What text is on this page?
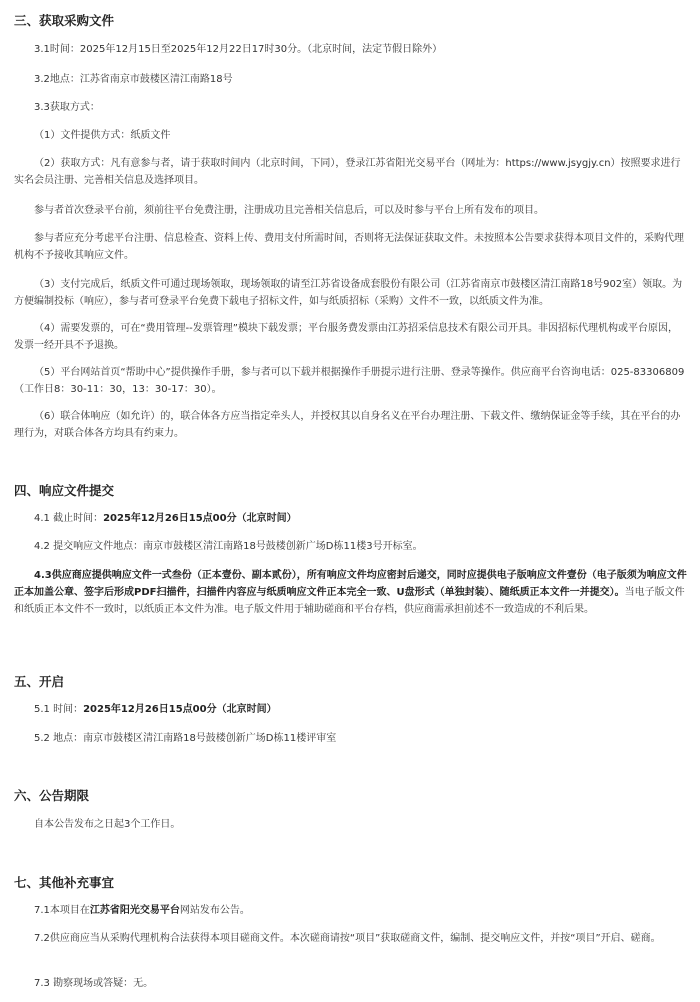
三、获取采购文件
3.1时间：2025年12月15日至2025年12月22日17时30分。（北京时间，法定节假日除外）
3.2地点：江苏省南京市鼓楼区清江南路18号
3.3获取方式：
（1）文件提供方式：纸质文件
（2）获取方式：凡有意参与者，请于获取时间内（北京时间，下同），登录江苏省阳光交易平台（网址为：https://www.jsygjy.cn）按照要求进行实名会员注册、完善相关信息及选择项目。
参与者首次登录平台前，须前往平台免费注册，注册成功且完善相关信息后，可以及时参与平台上所有发布的项目。
参与者应充分考虑平台注册、信息检查、资料上传、费用支付所需时间，否则将无法保证获取文件。未按照本公告要求获得本项目文件的，采购代理机构不予接收其响应文件。
（3）支付完成后，纸质文件可通过现场领取，现场领取的请至江苏省设备成套股份有限公司（江苏省南京市鼓楼区清江南路18号902室）领取。为方便编制投标（响应），参与者可登录平台免费下载电子招标文件，如与纸质招标（采购）文件不一致，以纸质文件为准。
（4）需要发票的，可在“费用管理--发票管理”模块下载发票；平台服务费发票由江苏招采信息技术有限公司开具。非因招标代理机构或平台原因，发票一经开具不予退换。
（5）平台网站首页“帮助中心”提供操作手册，参与者可以下载并根据操作手册提示进行注册、登录等操作。供应商平台咨询电话：025-83306809（工作日8：30-11：30，13：30-17：30）。
（6）联合体响应（如允许）的，联合体各方应当指定牵头人，并授权其以自身名义在平台办理注册、下载文件、缴纳保证金等手续，其在平台的办理行为，对联合体各方均具有约束力。
四、响应文件提交
4.1 截止时间：2025年12月26日15点00分（北京时间）
4.2 提交响应文件地点：南京市鼓楼区清江南路18号鼓楼创新广场D栋11楼3号开标室。
4.3供应商应提供响应文件一式叁份（正本壹份、副本贰份），所有响应文件均应密封后递交，同时应提供电子版响应文件壹份（电子版须为响应文件正本加盖公章、签字后形成PDF扫描件，扫描件内容应与纸质响应文件正本完全一致、U盘形式（单独封装）、随纸质正本文件一并提交）。当电子版文件和纸质正本文件不一致时，以纸质正本文件为准。电子版文件用于辅助磋商和平台存档，供应商需承担前述不一致造成的不利后果。
五、开启
5.1 时间：2025年12月26日15点00分（北京时间）
5.2 地点：南京市鼓楼区清江南路18号鼓楼创新广场D栋11楼评审室
六、公告期限
自本公告发布之日起3个工作日。
七、其他补充事宜
7.1本项目在江苏省阳光交易平台网站发布公告。
7.2供应商应当从采购代理机构合法获得本项目磋商文件。本次磋商请按“项目”获取磋商文件，编制、提交响应文件，并按“项目”开启、磋商。
7.3 勘察现场或答疑：无。
